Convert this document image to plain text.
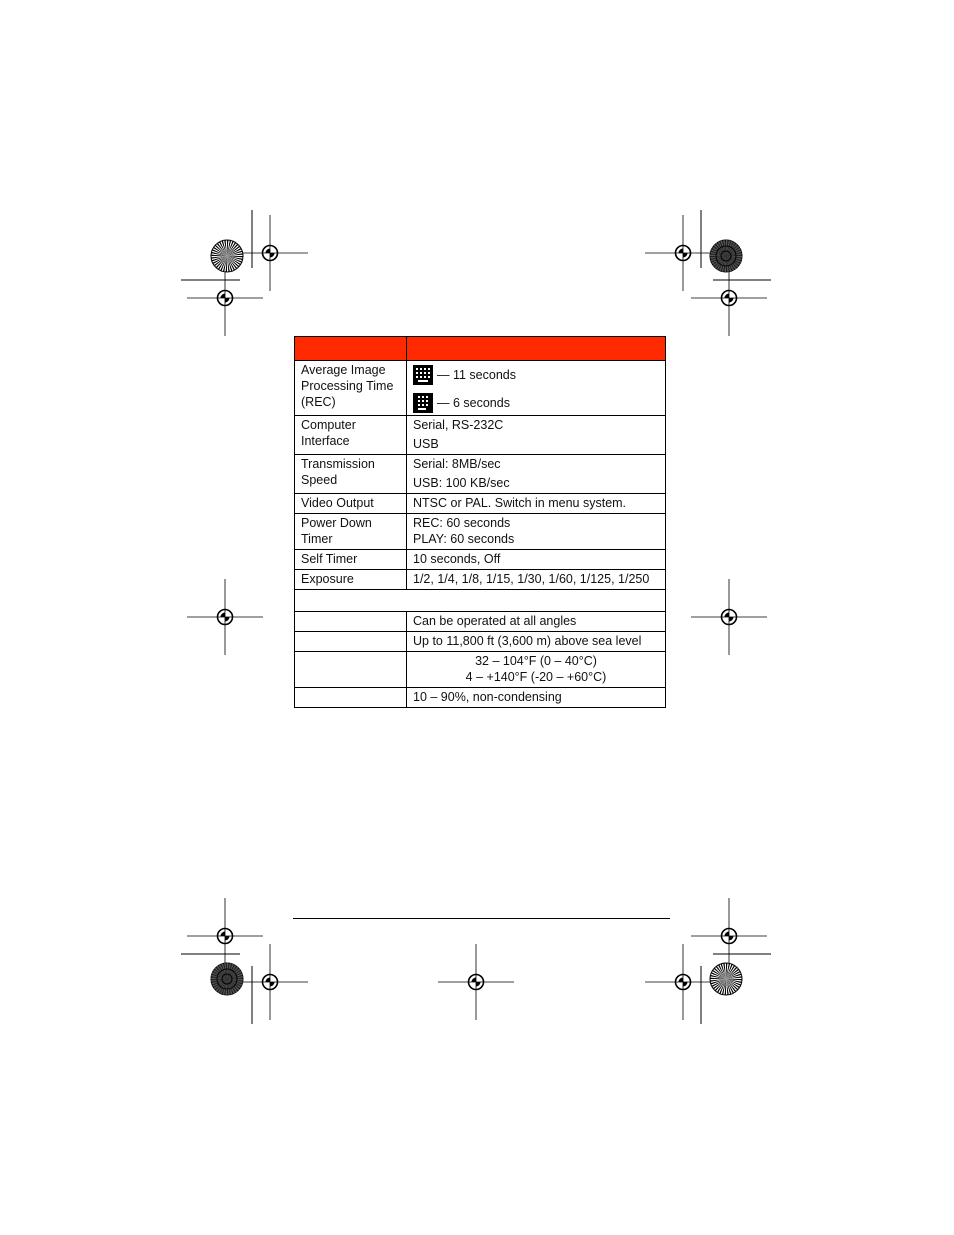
Average Image Processing Time (REC)	— 11 seconds
— 6 seconds

Computer Interface	Serial, RS-232C
USB

Transmission Speed	Serial: 8MB/sec
USB: 100 KB/sec

Video Output	NTSC or PAL. Switch in menu system.
Power Down Timer	REC: 60 seconds
PLAY: 60 seconds

Self Timer	10 seconds, Off
Exposure	1/2, 1/4, 1/8, 1/15, 1/30, 1/60, 1/125, 1/250

	Can be operated at all angles
	Up to 11,800 ft (3,600 m) above sea level

	32 – 104°F (0 – 40°C)
4 – +140°F (-20 – +60°C)

	10 – 90%, non-condensing
